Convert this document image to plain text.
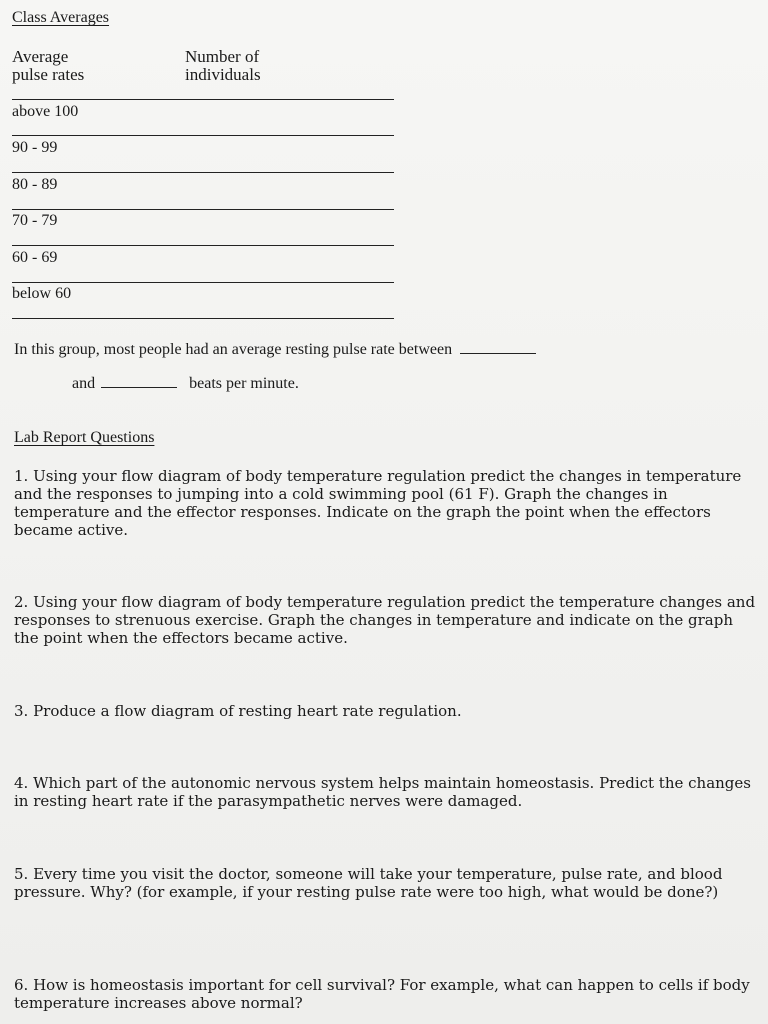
Class Averages
Average
pulse rates
Number of
individuals
above 100
90 - 99
80 - 89
70 - 79
60 - 69
below 60
In this group, most people had an average resting pulse rate between
and	beats per minute.
Lab Report Questions
1. Using your flow diagram of body temperature regulation predict the changes in temperature and the responses to jumping into a cold swimming pool (61 F). Graph the changes in temperature and the effector responses. Indicate on the graph the point when the effectors became active.
2. Using your flow diagram of body temperature regulation predict the temperature changes and responses to strenuous exercise. Graph the changes in temperature and indicate on the graph the point when the effectors became active.
3. Produce a flow diagram of resting heart rate regulation.
4. Which part of the autonomic nervous system helps maintain homeostasis. Predict the changes in resting heart rate if the parasympathetic nerves were damaged.
5. Every time you visit the doctor, someone will take your temperature, pulse rate, and blood pressure. Why? (for example, if your resting pulse rate were too high, what would be done?)
6. How is homeostasis important for cell survival? For example, what can happen to cells if body temperature increases above normal?
